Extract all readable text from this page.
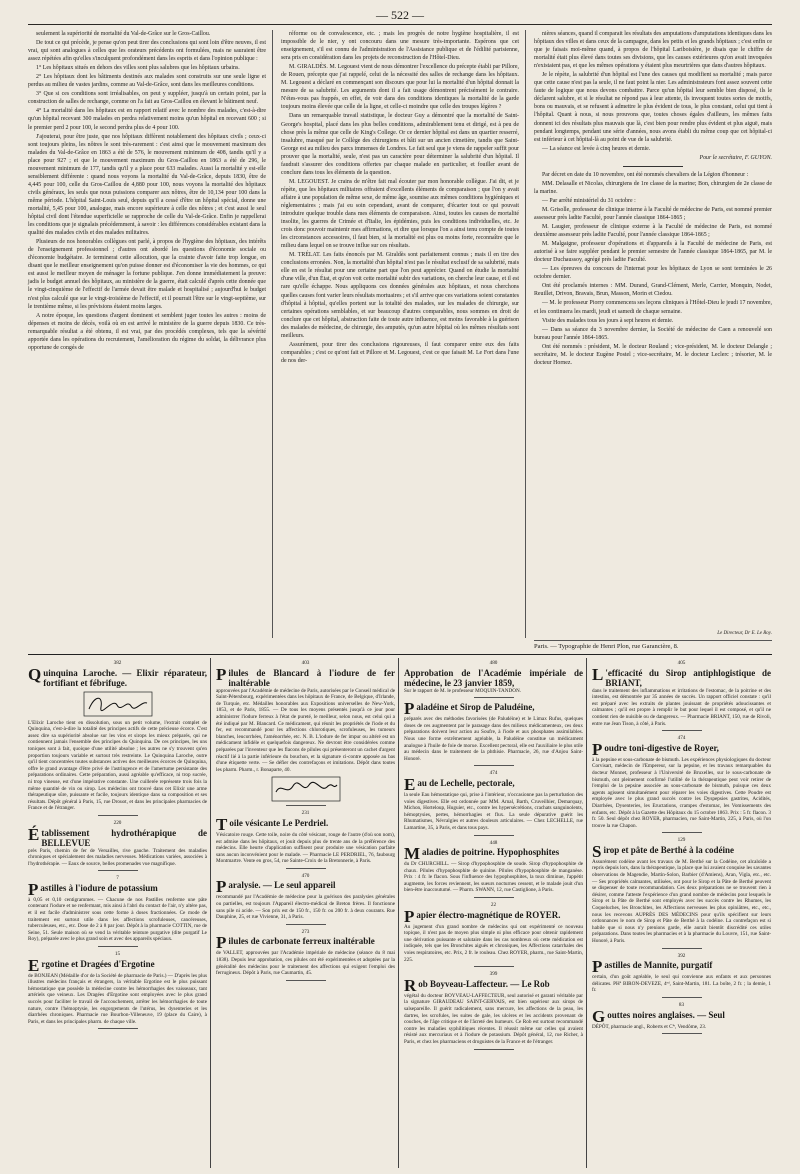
— 522 —

seulement la supériorité de mortalité du Val-de-Grâce sur le Gros-Caillou.

De tout ce qui précède, je pense qu'on peut tirer des conclusions qui sont loin d'être neuves, il est vrai, qui sont analogues à celles que les orateurs précédents ont formulées, mais ne sauraient être assez répétées afin qu'elles s'inculquent profondément dans les esprits et dans l'opinion publique :

1° Les hôpitaux situés en dehors des villes sont plus salubres que les hôpitaux urbains.

2° Les hôpitaux dont les bâtiments destinés aux malades sont construits sur une seule ligne et perdus au milieu de vastes jardins, comme au Val-de-Grâce, sont dans les meilleures conditions.

3° Que si ces conditions sont irréalisables, on peut y suppléer, jusqu'à un certain point, par la construction de salles de rechange, comme on l'a fait au Gros-Caillou en élevant le bâtiment neuf.

4° La mortalité dans les hôpitaux est en rapport relatif avec le nombre des malades, c'est-à-dire qu'un hôpital recevant 300 malades en perdra relativement moins qu'un hôpital en recevant 600 ; si le premier perd 2 pour 100, le second perdra plus de 4 pour 100.

J'ajouterai, pour être juste, que nos hôpitaux diffèrent notablement des hôpitaux civils ; ceux-ci sont toujours pleins, les nôtres le sont très-rarement : c'est ainsi que le mouvement maximum des malades du Val-de-Grâce en 1863 a été de 576, le mouvement minimum de 408, tandis qu'il y a place pour 927 ; et que le mouvement maximum du Gros-Caillou en 1863 a été de 296, le mouvement minimum de 177, tandis qu'il y a place pour 633 malades. Aussi la mortalité y est-elle sensiblement différente : quand nous voyons la mortalité du Val-de-Grâce, depuis 1830, être de 4,445 pour 100, celle du Gros-Caillou de 4,880 pour 100, nous voyons la mortalité des hôpitaux civils généraux, les seuls que nous puissions comparer aux nôtres, être de 10,134 pour 100 dans la même période. L'hôpital Saint-Louis seul, depuis qu'il a cessé d'être un hôpital spécial, donne une mortalité, 5,45 pour 100, analogue, mais encore supérieure à celle des nôtres ; et c'est aussi le seul hôpital civil dont l'étendue superficielle se rapproche de celle du Val-de-Grâce. Enfin je rappellerai les conditions que je signalais précédemment, à savoir : les différences considérables existant dans la qualité des malades civils et des malades militaires.

Plusieurs de nos honorables collègues ont parlé, à propos de l'hygiène des hôpitaux, des intérêts de l'enseignement professionnel ; d'autres ont abordé les questions d'économie sociale ou d'économie budgétaire. Je terminerai cette allocution, que la crainte d'avoir faite trop longue, en disant que le meilleur enseignement qu'on puisse donner est d'économiser la vie des hommes, ce qui est aussi le meilleur moyen de ménager la fortune publique. J'en donne immédiatement la preuve: jadis le budget annuel des hôpitaux, au ministère de la guerre, était calculé d'après cette donnée que le vingt-cinquième de l'effectif de l'armée devait être malade et hospitalisé ; aujourd'hui le budget n'est plus calculé que sur le vingt-troisième de l'effectif, et il pourrait l'être sur le vingt-septième, sur le trentième même, si les prévisions étaient moins larges.

A notre époque, les questions d'argent dominent et semblent juger toutes les autres : moins de dépenses et moins de décès, voilà où en est arrivé le ministère de la guerre depuis 1830. Ce très-remarquable résultat a été obtenu, il est vrai, par des procédés complexes, tels que la sévérité apportée dans les opérations du recrutement, l'amélioration du régime du soldat, la délivrance plus opportune de congés de

réforme ou de convalescence, etc. ; mais les progrès de notre hygiène hospitalière, il est impossible de le nier, y ont concouru dans une mesure très-importante. Espérons que cet enseignement, s'il est connu de l'administration de l'Assistance publique et de l'édilité parisienne, sera pris en considération dans les projets de reconstruction de l'Hôtel-Dieu.

M. GIRALDÈS. M. Legouest vient de nous démontrer l'excellence du précepte établi par Pillore, de Rouen, précepte que j'ai rappelé, celui de la nécessité des salles de rechange dans les hôpitaux. M. Legouest a déclaré en commençant son discours que pour lui la mortalité d'un hôpital donnait la mesure de sa salubrité. Les arguments dont il a fait usage démontrent précisément le contraire. N'étes-vous pas frappés, en effet, de voir dans des conditions identiques la mortalité de la garde toujours moins élevée que celle de la ligne, et celle-ci moindre que celle des troupes légères ?

Dans un remarquable travail statistique, le docteur Guy a démontré que la mortalité de Saint-George's hospital, placé dans les plus belles conditions, admirablement tenu et dirigé, est à peu de chose près la même que celle de King's College. Or ce dernier hôpital est dans un quartier resserré, insalubre, masqué par le Collège des chirurgiens et bâti sur un ancien cimetière, tandis que Saint-George est au milieu des parcs immenses de Londres. Le fait seul que je viens de rappeler suffit pour prouver que la mortalité, seule, n'est pas un caractère pour déterminer la salubrité d'un hôpital. Il faudrait s'assurer des conditions offertes par chaque malade en particulier, et fouiller avant de conclure dans tous les éléments de la question.

M. LEGOUEST. Je crains de m'être fait mal écouter par mon honorable collègue. J'ai dit, et je répète, que les hôpitaux militaires offraient d'excellents éléments de comparaison ; que l'on y avait affaire à une population de même sexe, de même âge, soumise aux mêmes conditions hygiéniques et réglementaires ; mais j'ai eu soin cependant, avant de comparer, d'écarter tout ce qui pouvait introduire quelque trouble dans mes éléments de comparaison. Ainsi, toutes les causes de mortalité insolite, les guerres de Crimée et d'Italie, les épidémies, puis les conditions individuelles, etc. Je crois donc pouvoir maintenir mes affirmations, et dire que lorsque l'on a ainsi tenu compte de toutes les circonstances accessoires, il faut bien, si la mortalité est plus ou moins forte, reconnaître que le milieu dans lequel on se trouve influe sur ces résultats.

M. TRÉLAT. Les faits énoncés par M. Giraldès sont parfaitement connus ; mais il en tire des conclusions erronées. Non, la mortalité d'un hôpital n'est pas le résultat exclusif de sa salubrité, mais elle en est le résultat pour une certaine part que l'on peut apprécier. Quand on étudie la mortalité d'une ville, d'un État, et qu'on voit cette mortalité subir des variations, on cherche leur cause, et il est rare qu'elle échappe. Nous appliquons ces données générales aux hôpitaux, et nous cherchons quelles causes font varier leurs résultats mortuaires ; et s'il arrive que ces variations soient constantes d'hôpital à hôpital, qu'elles portent sur la totalité des malades, sur les malades de chirurgie, sur certaines opérations semblables, et sur beaucoup d'autres comparables, nous sommes en droit de conclure que cet hôpital, abstraction faite de toute autre influence, est moins favorable à la guérison des malades de médecine, de chirurgie, des amputés, qu'un autre hôpital où les mêmes résultats sont meilleurs.

Assurément, pour tirer des conclusions rigoureuses, il faut comparer entre eux des faits comparables ; c'est ce qu'ont fait et Pillore et M. Legouest, c'est ce que faisait M. Le Fort dans l'une de nos der-

nières séances, quand il comparait les résultats des amputations d'amputations identiques dans les hôpitaux des villes et dans ceux de la campagne, dans les petits et les grands hôpitaux ; c'est enfin ce que je faisais moi-même quand, à propos de l'hôpital Lariboisière, je disais que le chiffre de mortalité était plus élevé dans toutes ses divisions, que les causes extérieures qu'on avait invoquées n'existaient pas, et que les mêmes opérations y étaient plus meurtrières que dans d'autres hôpitaux.

Je le répète, la salubrité d'un hôpital est l'une des causes qui modifient sa mortalité ; mais parce que cette cause n'est pas la seule, il ne faut point la nier. Les administrateurs font assez souvent cette faute de logique que nous devons combattre. Parce qu'un hôpital leur semble bien disposé, ils le déclarent salubre, et si le résultat ne répond pas à leur attente, ils invoquent toutes sortes de motifs, bons ou mauvais, et se refusent à admettre le plus évident de tous, le plus constant, celui qui tient à l'hôpital. Quant à nous, si nous prouvons que, toutes choses égales d'ailleurs, les mêmes faits donnent ici des résultats plus mauvais que là, c'est bien pour rendre plus évident et plus aiguë, mais pendant longtemps, pendant une série d'années, nous avons établi du même coup que cet hôpital-ci est inférieur à cet hôpital-là au point de vue de la salubrité.

— La séance est levée à cinq heures et demie.

Pour le secrétaire, F. GUYON.

Par décret en date du 10 novembre, ont été nommés chevaliers de la Légion d'honneur :

MM. Delasalle et Nicolas, chirurgiens de 1re classe de la marine; Bon, chirurgien de 2e classe de la marine.

— Par arrêté ministériel du 31 octobre :

M. Grisolle, professeur de clinique interne à la Faculté de médecine de Paris, est nommé premier assesseur près ladite Faculté, pour l'année classique 1864-1865 ;

M. Laugier, professeur de clinique externe à la Faculté de médecine de Paris, est nommé deuxième assesseur près ladite Faculté, pour l'année classique 1864-1865 ;

M. Malgaigne, professeur d'opérations et d'appareils à la Faculté de médecine de Paris, est autorisé à se faire suppléer pendant le premier semestre de l'année classique 1864-1865, par M. le docteur Duchaussoy, agrégé près ladite Faculté.

— Les épreuves du concours de l'internat pour les hôpitaux de Lyon se sont terminées le 26 octobre dernier.

Ont été proclamés internes : MM. Durand, Grand-Clément, Merle, Carrier, Monquin, Nodet, Reuillet, Drivon, Bravais, Brun, Masson, Morin et Ciedou.

— M. le professeur Piorry commencera ses leçons cliniques à l'Hôtel-Dieu le jeudi 17 novembre, et les continuera les mardi, jeudi et samedi de chaque semaine.

Visite des malades tous les jours à sept heures et demie.

— Dans sa séance du 3 novembre dernier, la Société de médecine de Caen a renouvelé son bureau pour l'année 1864-1865.

Ont été nommés : président, M. le docteur Rouland ; vice-président, M. le docteur Delangle ; secrétaire, M. le docteur Eugène Postel ; vice-secrétaire, M. le docteur Leclerc ; trésorier, M. le docteur Hornez.

Le Directeur, Dr E. Le Roy.
Paris. — Typographie de Henri Plon, rue Garancière, 8.
382
Quinquina Laroche. — Elixir réparateur, fortifiant et fébrifuge.
L'Elixir Laroche tient en dissolution, sous un petit volume, l'extrait complet de Quinquina, c'est-à-dire la totalité des principes actifs de cette précieuse écorce. C'est assez dire sa supériorité absolue sur les vins et sirops les mieux préparés, qui ne contiennent jamais l'ensemble des principes du Quinquina. De ces principes, les uns toniques sont à fait, quoique d'une utilité absolue ; les autres ne s'y trouvent qu'en proportion toujours variable et surtout très restreinte. Le Quinquina Laroche, outre qu'il tient concentrées toutes substances actives des meilleures écorces de Quinquina, offre le grand avantage d'être privé de l'astringence et de l'amertume persistante des préparations ordinaires. Cette préparation, aussi agréable qu'efficace, ni trop sucrée, ni trop vineuse, est d'une impérative constante. Une cuillerée représente trois fois la même quantité de vin ou sirop. Les médecins ont trouvé dans cet Elixir une arme thérapeutique sûre, puissante et facile, toujours identique dans sa composition et ses résultats. Dépôt général à Paris, 15, rue Drouot, et dans les principales pharmacies de France et de l'étranger.
220
Établissement hydrothérapique de BELLEVUE
près Paris, chemin de fer de Versailles, rive gauche. Traitement des maladies chroniques et spécialement des maladies nerveuses. Médications variées, associées à l'hydrothérapie. — Eaux de source, belles promenades vue magnifique.
7
Pastilles à l'iodure de potassium
à 0,05 et 0,10 centigrammes. — Chacune de nos Pastilles renferme une pâte contenant l'iodure et ne renfermant, mis ainsi à l'abri du contact de l'air, n'y altère pas, et il est facile d'administrer sous cette forme à doses fractionnées. Ce mode de traitement est surtout utile dans les affections scrofuleuses, cancéreuses, tuberculeuses, etc., etc. Dose de 2 à 8 par jour. Dépôt à la pharmacie COTTIN, rue de Seine, 51. Seule maison où se vend la véritable teinture purgative (dite purgatif Le Roy), préparée avec le plus grand soin et avec des appareils spéciaux.
15
Ergotine et Dragées d'Ergotine
de BONJEAN (Médaille d'or de la Société de pharmacie de Paris.) — D'après les plus illustres médecins français et étrangers, la véritable Ergotine est le plus puissant hémostatique que possède la médecine contre les hémorrhagies des vaisseaux, tant artériels que veineux. Les Dragées d'Ergotine sont employées avec le plus grand succès pour faciliter le travail de l'accouchement, arrêter les hémorrhagies de toute nature, contre l'hémoptysie, les engorgements de l'utérus, les dysenteries et les diarrhées chroniques. Pharmacie rue Bourbon-Villeneuve, 19 (place du Caire), à Paris, et dans les principales pharm. de chaque ville.
403
Pilules de Blancard à l'iodure de fer inaltérable
approuvées par l'Académie de médecine de Paris, autorisées par le Conseil médical de Saint-Pétersbourg, expérimentées dans les hôpitaux de France, de Belgique, d'Irlande, de Turquie, etc. Médailles honorables aux Expositions universelles de New-York, 1853, et de Paris, 1855. — De tous les moyens présentés jusqu'à ce jour pour administrer l'iodure ferreux à l'état de pureté, le meilleur, selon nous, est celui qui a été indiqué par M. Blancard. Ce médicament, qui réunit les propriétés de l'iode et du fer, est recommandé pour les affections chlorotiques, scrofuleuses, les tumeurs blanches, leucorrhées, l'aménorrhée, etc. N. B. L'iodure de fer impur ou altéré est un médicament infidèle et quelquefois dangereux. Ne devront être considérées comme préparées par l'inventeur que les flacons de pilules qui présenteront un cachet d'argent réactif lié à la partie inférieure du bouchon, et la signature ci-contre apposée au bas d'une étiquette verte. — Se défier des contrefaçons et imitations. Dépôt dans toutes les pharm. Pharm., r. Bonaparte, 40.
231
Toile vésicante Le Perdriel.
Vésicatoire rouge. Cette toile, noire du côté vésicant, rouge de l'autre (d'où son nom), est admise dans les hôpitaux, et jouit depuis plus de trente ans de la préférence des médecins. Elle heurte d'application suffisent pour produire une vésication parfaite sans aucun inconvénient pour le malade. — Pharmacie LE PERDRIEL, 76, faubourg Montmartre. Vente en gros, 54, rue Sainte-Croix de la Bretonnerie, à Paris.
470
Paralysie. — Le seul appareil
recommandé par l'Académie de médecine pour la guérison des paralysies générales ou partielles, est toujours l'Appareil électro-médical de Breton frères. Il fonctionne sans pile ni acide. — Son prix est de 150 fr., 150 fr. ou 200 fr. à deux courants. Rue Dauphine, 25, et rue Vivienne, 31, à Paris.
273
Pilules de carbonate ferreux inaltérable
de VALLET, approuvées par l'Académie impériale de médecine (séance du 8 mai 1838). Depuis leur approbation, ces pilules ont été expérimentées et adoptées par la généralité des médecins pour le traitement des affections qui exigent l'emploi des ferrugineux. Dépôt à Paris, rue Caumartin, 45.
480
Approbation de l'Académie impériale de médecine, le 23 janvier 1859,
Sur le rapport de M. le professeur MOQUIN-TANDON.
Paladéine et Sirop de Paludéine,
préparés avec des méthodes favorisées (de Paludéine) et le Limax Rufus, quelques doses de ces augmentent par le parasage dans des milieux médicamenteux, ces deux préparations doivent leur action au Soufre, à l'iode et aux phosphates assimilables. Nous une forme extrêmement agréable, la Paludéine constitue un médicament analogue à l'huile de foie de morue. Excellent pectoral, elle est l'auxiliaire le plus utile au médecin dans le traitement de la phthisie. Pharmacie, 26, rue d'Anjou Saint-Honoré.
474
Eau de Lechelle, pectorale,
la seule Eau hémostatique qui, prise à l'intérieur, n'occasionne pas la perturbation des voies digestives. Elle est ordonnée par MM. Arnal, Barth, Cruveilhier, Demarquay, Michon, Horteloup, Huguier, etc., contre les hypersécrétions, crachats sanguinolents, hémoptysies, pertes, hémorrhagies et flux. La seule dépurative guérit les Rhumatismes, Névralgies et autres douleurs articulaires. — Chez LECHELLE, rue Lamartine, 35, à Paris, et dans tous pays.
448
Maladies de poitrine. Hypophosphites
du Dr CHURCHILL. — Sirop d'hypophosphite de soude. Sirop d'hypophosphite de chaux. Pilules d'hypophosphite de quinine. Pilules d'hypophosphite de manganèse. Prix : 4 fr. le flacon. Sous l'influence des hypophosphites, la toux diminue, l'appétit augmente, les forces reviennent, les sueurs nocturnes cessent, et le malade jouit d'un bien-être inaccoutumé. — Pharm. SWANN, 12, rue Castiglione, à Paris.
22
Papier électro-magnétique de ROYER.
Au jugement d'un grand nombre de médecins qui ont expérimenté ce nouveau topique, il n'est pas de moyen plus simple ni plus efficace pour obtenir rapidement une dérivation puissante et salutaire dans les cas nombreux où cette médication est indiquée, tels que les Bronchites aiguës et chroniques, les Affections catarrhales des voies respiratoires, etc. Prix, 2 fr. le rouleau. Chez ROYER, pharm., rue Saint-Martin, 225.
399
Rob Boyveau-Laffecteur. — Le Rob
végétal du docteur BOYVEAU-LAFFECTEUR, seul autorisé et garanti véritable par la signature GIRAUDEAU SAINT-GERVAIS, est bien supérieur aux sirops de salsepareille. Il guérit radicalement, sans mercure, les affections de la peau, les dartres, les scrofules, les suites de gale, les ulcères et les accidents provenant de couches, de l'âge critique et de l'âcreté des humeurs. Ce Rob est surtout recommandé contre les maladies syphilitiques récentes. Il réussit même sur celles qui avaient résisté aux mercuriaux et à l'iodure de potassium. Dépôt général, 12, rue Richer, à Paris, et chez les pharmaciens et droguistes de la France et de l'étranger.
405
L 'efficacité du Sirop antiphlogistique de BRIANT,
dans le traitement des inflammations et irritations de l'estomac, de la poitrine et des intestins, est démontrée par 35 années de succès. Un rapport officiel constate : qu'il est préparé avec les extraits de plantes jouissant de propriétés adoucissantes et calmantes ; qu'il est propre à remplir le but pour lequel il est composé, et qu'il ne contient rien de nuisible ou de dangereux. — Pharmacie BRIANT, 150, rue de Rivoli, entre rue Jean Tison, à côté, à Paris.
474
Poudre toni-digestive de Royer,
à la pepsine et sous-carbonate de bismuth. Les expériences physiologiques du docteur Corvisart, médecin de l'Empereur, sur la pepsine, et les travaux remarquables du docteur Monnet, professeur à l'Université de Bruxelles, sur le sous-carbonate de bismuth, ont pleinement confirmé l'utilité de la thérapeutique peut voir retirer de l'emploi de la pepsine associée au sous-carbonate de bismuth, puisque ces deux agents agissent simultanément pour réparer les voies digestives. Cette Poudre est employée avec le plus grand succès contre les Dyspepsies gastrites, Acidités, Diarrhées, Dysenteries, les Eructations, crampes d'estomac, les Vomissements des enfants, etc. Dépôt à la Gazette des Hôpitaux du 15 octobre 1863. Prix : 5 fr. flacon. 3 fr. 50. Seul dépôt chez ROYER, pharmacien, rue Saint-Martin, 225, à Paris, où l'on trouve la rue Chapon.
129
Sirop et pâte de Berthé à la codéine
Assurément codéine avant les travaux de M. Berthé sur la Codéine, cet alcaloïde a repris depuis lors, dans la thérapeutique, la place que lui avaient conquise les savantes observations de Magendie, Martin-Solon, Barbier (d'Amiens), Aran, Vigla, etc., etc. — Ses propriétés calmantes, utilisées, ont pour le Sirop et la Pâte de Berthé peuvent se dispenser de toute recommandation. Ces deux préparations ne se trouvent rien à désirer, comme l'atteste l'expérience d'un grand nombre de médecins pour lesquels le Sirop et la Pâte de Berthé sont employés avec les succès contre les Rhumes, les Coqueluches, les Bronchites, les Affections nerveuses les plus opiniâtres, etc., etc., nous les recevons AUPRÈS DES MÉDECINS pour qu'ils spécifient sur leurs ordonnances le nom de Sirop et Pâte de Berthé à la codéine. La contrefaçon est si habile que si nous n'y prenions garde, elle aurait bientôt discrédité ces utiles préparations. Dans toutes les pharmacies et à la pharmacie du Louvre, 151, rue Saint-Honoré, à Paris.
392
Pastilles de Mannite, purgatif
certain, d'un goût agréable, le seul qui convienne aux enfants et aux personnes délicates. PHª BIRON-DEVEZE, 4ᵉᵈ, Saint-Martin, 181. La boîte, 2 fr. ; la demie, 1 fr.
83
Gouttes noires anglaises. — Seul
DÉPÔT, pharmacie angl., Roberts et Cⁱᵉ, Vendôme, 23.
